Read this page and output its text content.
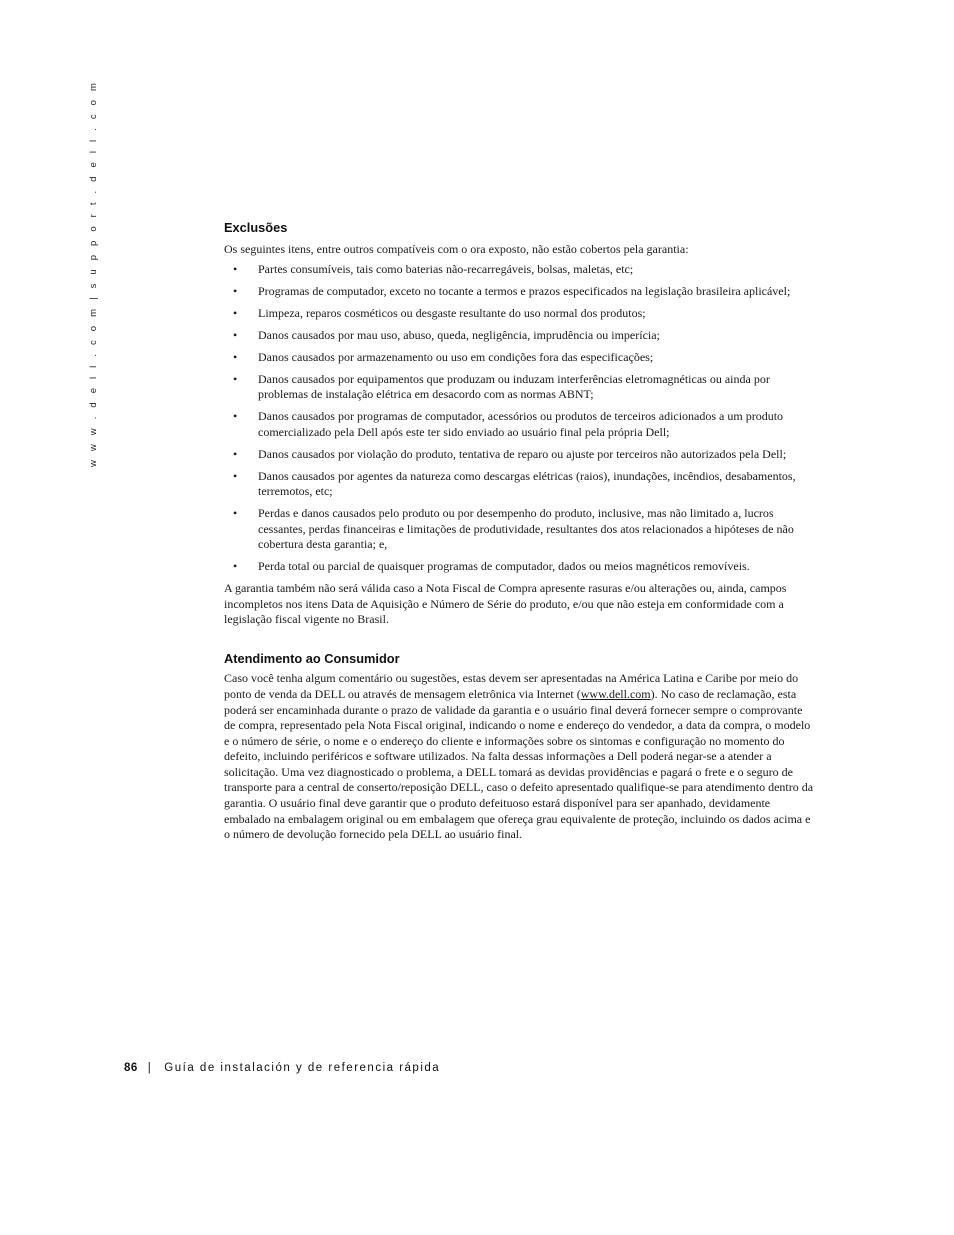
w w w . d e l l . c o m | s u p p o r t . d e l l . c o m	Exclusões

Os seguintes itens, entre outros compatíveis com o ora exposto, não estão cobertos pela garantia:

• Partes consumíveis, tais como baterias não-recarregáveis, bolsas, maletas, etc;
• Programas de computador, exceto no tocante a termos e prazos especificados na legislação brasileira aplicável;
• Limpeza, reparos cosméticos ou desgaste resultante do uso normal dos produtos;
• Danos causados por mau uso, abuso, queda, negligência, imprudência ou imperícia;
• Danos causados por armazenamento ou uso em condições fora das especificações;
• Danos causados por equipamentos que produzam ou induzam interferências eletromagnéticas ou ainda por problemas de instalação elétrica em desacordo com as normas ABNT;
• Danos causados por programas de computador, acessórios ou produtos de terceiros adicionados a um produto comercializado pela Dell após este ter sido enviado ao usuário final pela própria Dell;
• Danos causados por violação do produto, tentativa de reparo ou ajuste por terceiros não autorizados pela Dell;
• Danos causados por agentes da natureza como descargas elétricas (raios), inundações, incêndios, desabamentos, terremotos, etc;
• Perdas e danos causados pelo produto ou por desempenho do produto, inclusive, mas não limitado a, lucros cessantes, perdas financeiras e limitações de produtividade, resultantes dos atos relacionados a hipóteses de não cobertura desta garantia; e,
• Perda total ou parcial de quaisquer programas de computador, dados ou meios magnéticos removíveis.

A garantia também não será válida caso a Nota Fiscal de Compra apresente rasuras e/ou alterações ou, ainda, campos incompletos nos itens Data de Aquisição e Número de Série do produto, e/ou que não esteja em conformidade com a legislação fiscal vigente no Brasil.

Atendimento ao Consumidor

Caso você tenha algum comentário ou sugestões, estas devem ser apresentadas na América Latina e Caribe por meio do ponto de venda da DELL ou através de mensagem eletrônica via Internet (www.dell.com). No caso de reclamação, esta poderá ser encaminhada durante o prazo de validade da garantia e o usuário final deverá fornecer sempre o comprovante de compra, representado pela Nota Fiscal original, indicando o nome e endereço do vendedor, a data da compra, o modelo e o número de série, o nome e o endereço do cliente e informações sobre os sintomas e configuração no momento do defeito, incluindo periféricos e software utilizados. Na falta dessas informações a Dell poderá negar-se a atender a solicitação. Uma vez diagnosticado o problema, a DELL tomará as devidas providências e pagará o frete e o seguro de transporte para a central de conserto/reposição DELL, caso o defeito apresentado qualifique-se para atendimento dentro da garantia. O usuário final deve garantir que o produto defeituoso estará disponível para ser apanhado, devidamente embalado na embalagem original ou em embalagem que ofereça grau equivalente de proteção, incluindo os dados acima e o número de devolução fornecido pela DELL ao usuário final.

86 | Guía de instalación y de referencia rápida
